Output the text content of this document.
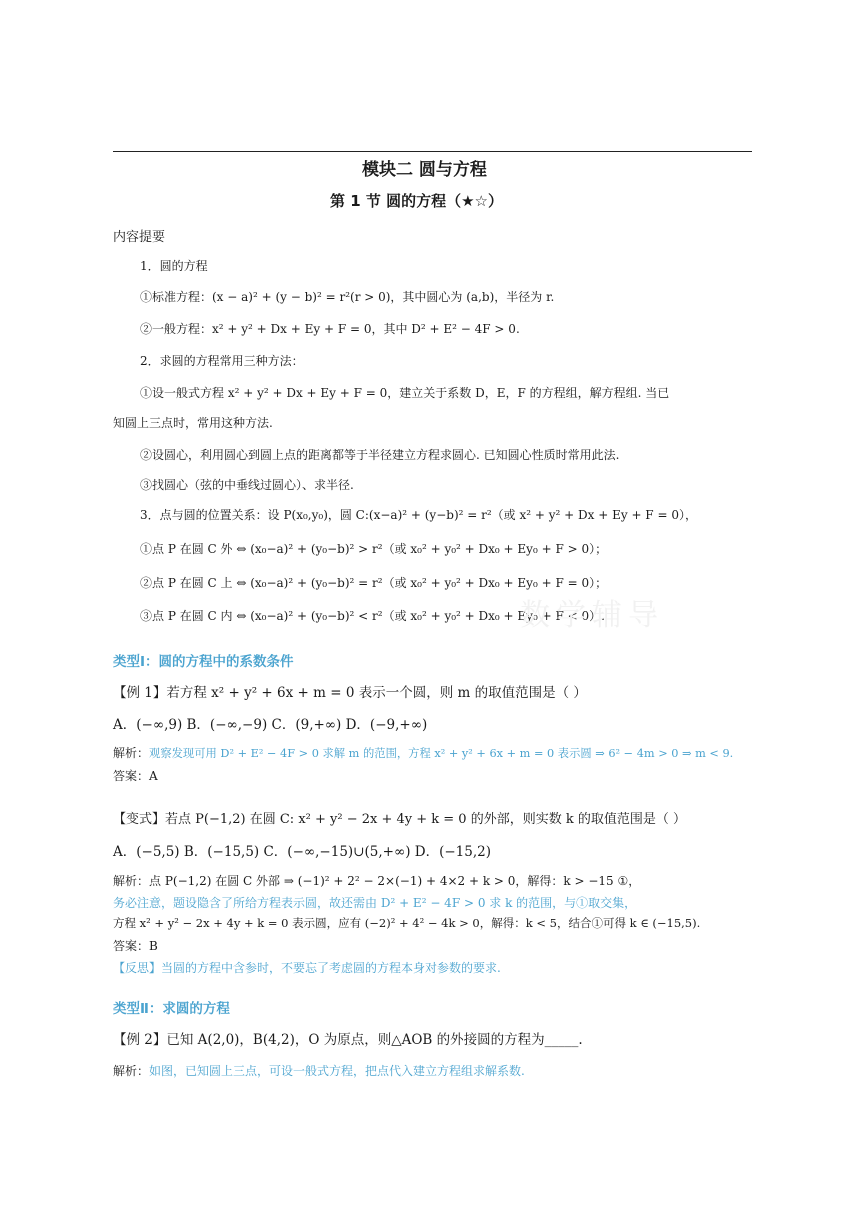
模块二 圆与方程
第 1 节 圆的方程（★☆）
内容提要
1．圆的方程
①标准方程：(x − a)² + (y − b)² = r²(r > 0)，其中圆心为 (a,b)，半径为 r.
②一般方程：x² + y² + Dx + Ey + F = 0，其中 D² + E² − 4F > 0.
2．求圆的方程常用三种方法：
①设一般式方程 x² + y² + Dx + Ey + F = 0，建立关于系数 D，E，F 的方程组，解方程组. 当已
知圆上三点时，常用这种方法.
②设圆心，利用圆心到圆上点的距离都等于半径建立方程求圆心. 已知圆心性质时常用此法.
③找圆心（弦的中垂线过圆心）、求半径.
3．点与圆的位置关系：设 P(x₀,y₀)，圆 C:(x−a)² + (y−b)² = r²（或 x² + y² + Dx + Ey + F = 0），
①点 P 在圆 C 外 ⇔ (x₀−a)² + (y₀−b)² > r²（或 x₀² + y₀² + Dx₀ + Ey₀ + F > 0）；
②点 P 在圆 C 上 ⇔ (x₀−a)² + (y₀−b)² = r²（或 x₀² + y₀² + Dx₀ + Ey₀ + F = 0）；
③点 P 在圆 C 内 ⇔ (x₀−a)² + (y₀−b)² < r²（或 x₀² + y₀² + Dx₀ + Ey₀ + F < 0）.
数学辅导
类型Ⅰ：圆的方程中的系数条件
【例 1】若方程 x² + y² + 6x + m = 0 表示一个圆，则 m 的取值范围是（ ）
A．(−∞,9) B．(−∞,−9) C．(9,+∞) D．(−9,+∞)
解析：观察发现可用 D² + E² − 4F > 0 求解 m 的范围，方程 x² + y² + 6x + m = 0 表示圆 ⇒ 6² − 4m > 0 ⇒ m < 9.
答案：A
【变式】若点 P(−1,2) 在圆 C: x² + y² − 2x + 4y + k = 0 的外部，则实数 k 的取值范围是（ ）
A．(−5,5) B．(−15,5) C．(−∞,−15)∪(5,+∞) D．(−15,2)
解析：点 P(−1,2) 在圆 C 外部 ⇒ (−1)² + 2² − 2×(−1) + 4×2 + k > 0，解得：k > −15 ①，
务必注意，题设隐含了所给方程表示圆，故还需由 D² + E² − 4F > 0 求 k 的范围，与①取交集，
方程 x² + y² − 2x + 4y + k = 0 表示圆，应有 (−2)² + 4² − 4k > 0，解得：k < 5，结合①可得 k ∈ (−15,5).
答案：B
【反思】当圆的方程中含参时，不要忘了考虑圆的方程本身对参数的要求.
类型Ⅱ：求圆的方程
【例 2】已知 A(2,0)，B(4,2)，O 为原点，则△AOB 的外接圆的方程为_____.
解析：如图，已知圆上三点，可设一般式方程，把点代入建立方程组求解系数.
